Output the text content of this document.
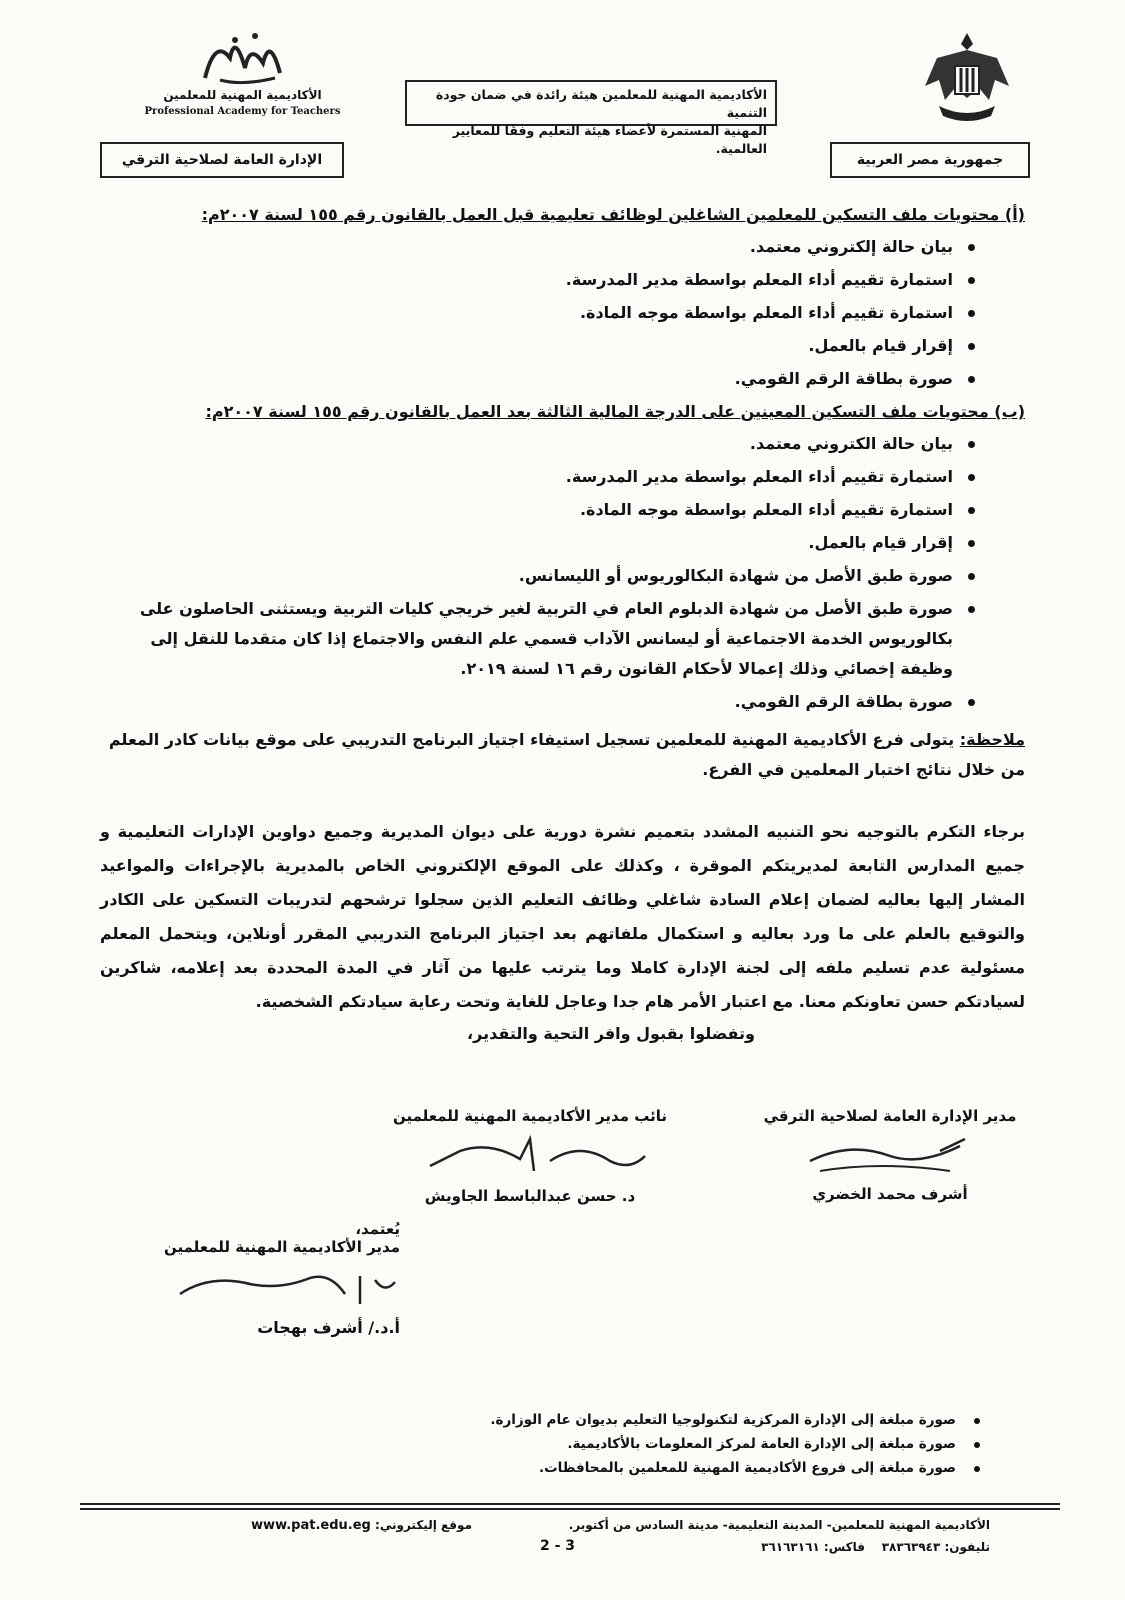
الأكاديمية المهنية للمعلمين هيئة رائدة في ضمان جودة التنمية
المهنية المستمرة لأعضاء هيئة التعليم وفقًا للمعايير العالمية.
الأكاديمية المهنية للمعلمين
Professional Academy for Teachers
الإدارة العامة لصلاحية الترقي	جمهورية مصر العربية
(أ) محتويات ملف التسكين للمعلمين الشاغلين لوظائف تعليمية قبل العمل بالقانون رقم ١٥٥ لسنة ٢٠٠٧م:
بيان حالة إلكتروني معتمد.
استمارة تقييم أداء المعلم بواسطة مدير المدرسة.
استمارة تقييم أداء المعلم بواسطة موجه المادة.
إقرار قيام بالعمل.
صورة بطاقة الرقم القومي.
(ب) محتويات ملف التسكين المعينين على الدرجة المالية الثالثة بعد العمل بالقانون رقم ١٥٥ لسنة ٢٠٠٧م:
بيان حالة الكتروني معتمد.
استمارة تقييم أداء المعلم بواسطة مدير المدرسة.
استمارة تقييم أداء المعلم بواسطة موجه المادة.
إقرار قيام بالعمل.
صورة طبق الأصل من شهادة البكالوريوس أو الليسانس.
صورة طبق الأصل من شهادة الدبلوم العام في التربية لغير خريجي كليات التربية ويستثنى الحاصلون على بكالوريوس الخدمة الاجتماعية أو ليسانس الآداب قسمي علم النفس والاجتماع إذا كان متقدما للنقل إلى وظيفة إخصائي وذلك إعمالا لأحكام القانون رقم ١٦ لسنة ٢٠١٩.
صورة بطاقة الرقم القومي.
ملاحظة: يتولى فرع الأكاديمية المهنية للمعلمين تسجيل استيفاء اجتياز البرنامج التدريبي على موقع بيانات كادر المعلم من خلال نتائج اختبار المعلمين في الفرع.
برجاء التكرم بالتوجيه نحو التنبيه المشدد بتعميم نشرة دورية على ديوان المديرية وجميع دواوين الإدارات التعليمية و جميع المدارس التابعة لمديريتكم الموقرة ، وكذلك على الموقع الإلكتروني الخاص بالمديرية بالإجراءات والمواعيد المشار إليها بعاليه لضمان إعلام السادة شاغلي وظائف التعليم الذين سجلوا ترشحهم لتدريبات التسكين على الكادر والتوقيع بالعلم على ما ورد بعاليه و استكمال ملفاتهم بعد اجتياز البرنامج التدريبي المقرر أونلاين، ويتحمل المعلم مسئولية عدم تسليم ملفه إلى لجنة الإدارة كاملا وما يترتب عليها من آثار في المدة المحددة بعد إعلامه، شاكرين لسيادتكم حسن تعاونكم معنا. مع اعتبار الأمر هام جدا وعاجل للغاية وتحت رعاية سيادتكم الشخصية.
وتفضلوا بقبول وافر التحية والتقدير،
مدير الإدارة العامة لصلاحية الترقي
أشرف محمد الخضري
نائب مدير الأكاديمية المهنية للمعلمين
د. حسن عبدالباسط الجاويش
يُعتمد،
مدير الأكاديمية المهنية للمعلمين
أ.د./ أشرف بهجات
صورة مبلغة إلى الإدارة المركزية لتكنولوجيا التعليم بديوان عام الوزارة.
صورة مبلغة إلى الإدارة العامة لمركز المعلومات بالأكاديمية.
صورة مبلغة إلى فروع الأكاديمية المهنية للمعلمين بالمحافظات.
الأكاديمية المهنية للمعلمين- المدينة التعليمية- مدينة السادس من أكتوبر.
موقع إليكتروني: www.pat.edu.eg
تليفون: ٣٨٣٦٣٩٤٣    فاكس: ٣٦١٦٣١٦١
2 - 3
